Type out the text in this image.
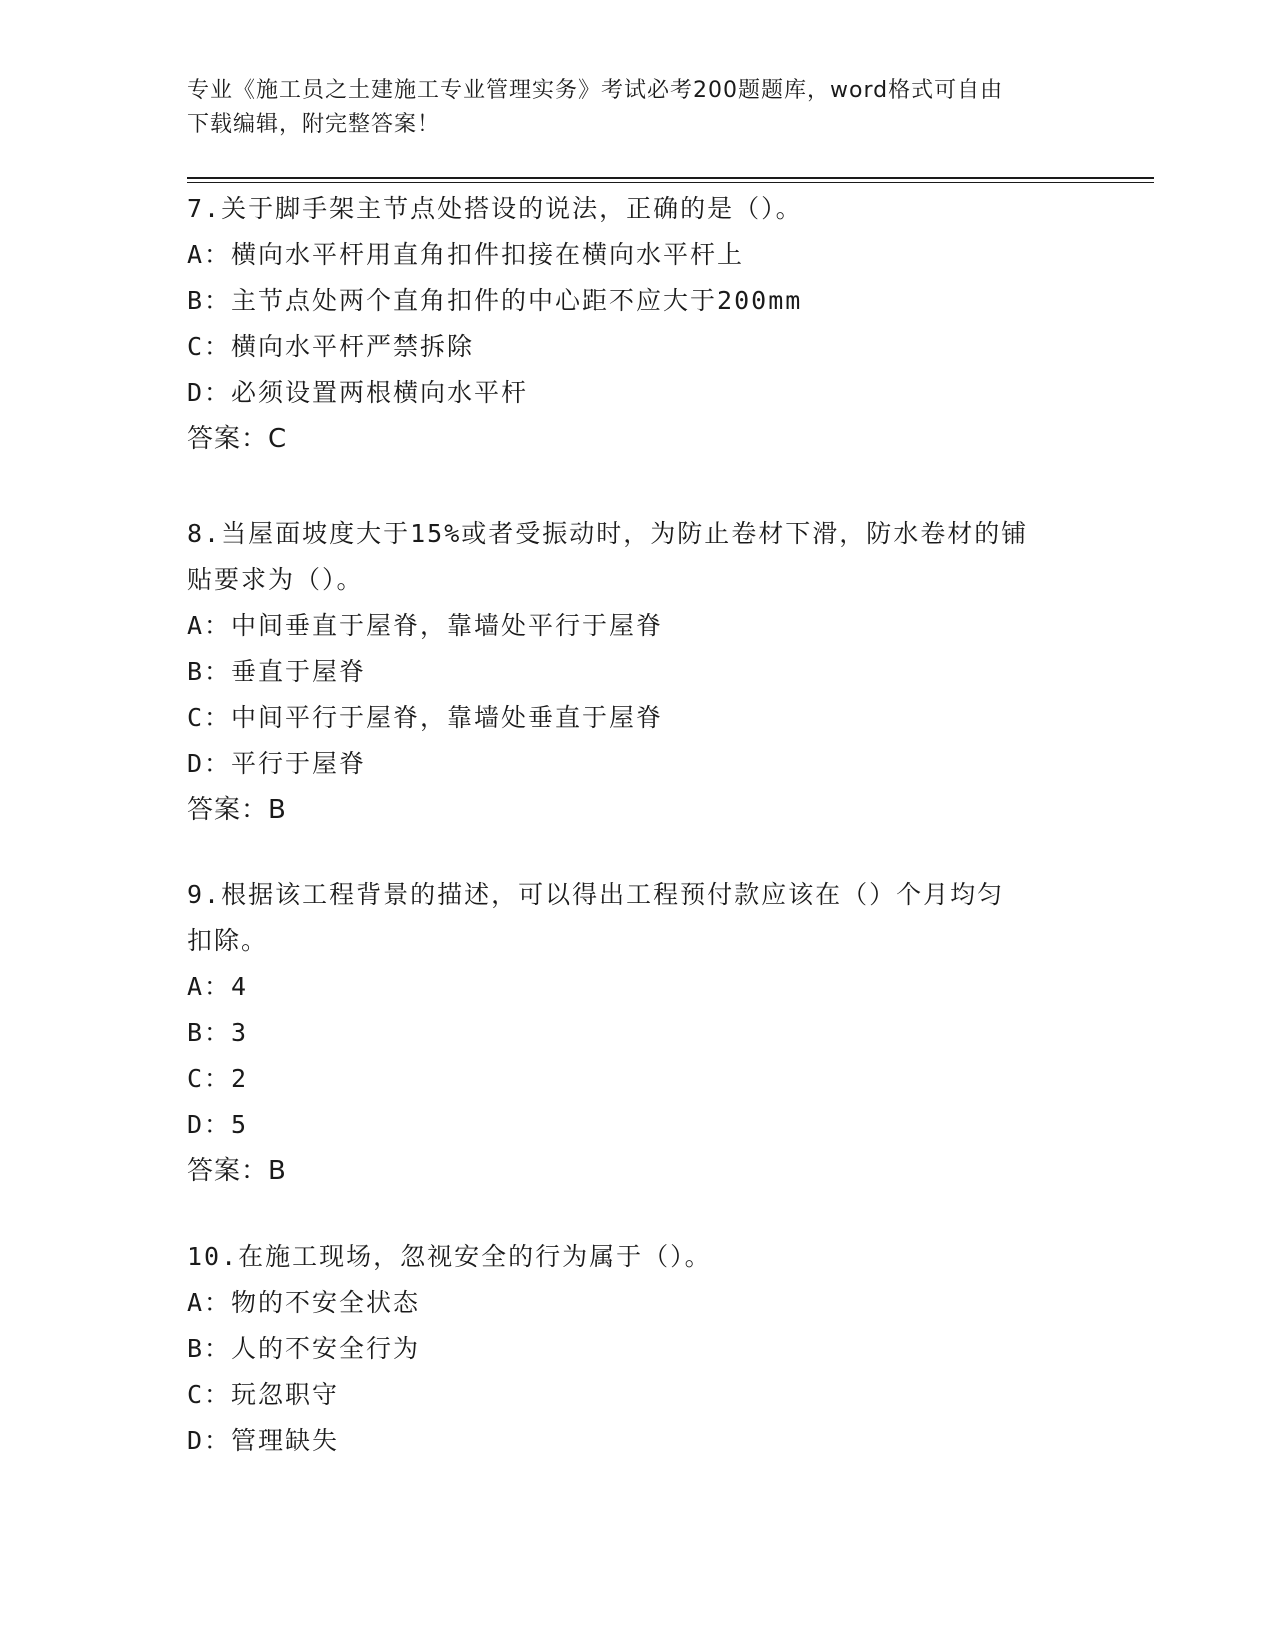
专业《施工员之土建施工专业管理实务》考试必考200题题库，word格式可自由
下载编辑，附完整答案！
7.关于脚手架主节点处搭设的说法，正确的是（）。
A：横向水平杆用直角扣件扣接在横向水平杆上
B：主节点处两个直角扣件的中心距不应大于200mm
C：横向水平杆严禁拆除
D：必须设置两根横向水平杆
答案：C
8.当屋面坡度大于15%或者受振动时，为防止卷材下滑，防水卷材的铺
贴要求为（）。
A：中间垂直于屋脊，靠墙处平行于屋脊
B：垂直于屋脊
C：中间平行于屋脊，靠墙处垂直于屋脊
D：平行于屋脊
答案：B
9.根据该工程背景的描述，可以得出工程预付款应该在（）个月均匀
扣除。
A：4
B：3
C：2
D：5
答案：B
10.在施工现场，忽视安全的行为属于（）。
A：物的不安全状态
B：人的不安全行为
C：玩忽职守
D：管理缺失
